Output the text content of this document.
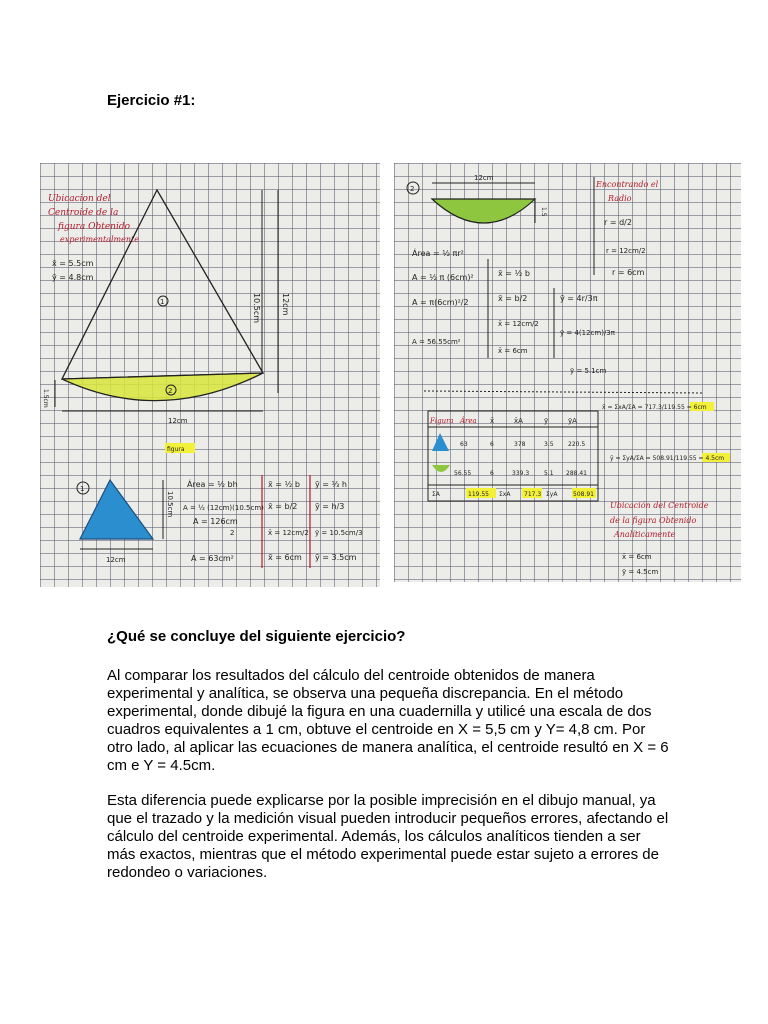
Ejercicio #1:
Ubicacion del
Centroide de la
figura Obtenido
experimentalmente
x̄ = 5.5cm
ȳ = 4.8cm
1
2
10.5cm	12cm
1.5cm
12cm
figura
1
12cm
10.5cm
Área = ½ bh
A = ½ (12cm)(10.5cm)
A = 126cm
2
A = 63cm²
x̄ = ½ b
x̄ = b/2
x̄ = 12cm/2
x̄ = 6cm
ȳ = ⅓ h
ȳ = h/3
ȳ = 10.5cm/3
ȳ = 3.5cm
2
12cm
1.5
Encontrando el
Radio
r = d/2
r = 12cm/2
r = 6cm
Área = ½ πr²
A = ½ π (6cm)²
A = π(6cm)²/2
A = 56.55cm²
x̄ = ½ b
x̄ = b/2
x̄ = 12cm/2
x̄ = 6cm
ȳ = 4r/3π
ȳ = 4(12cm)/3π
ȳ = 5.1cm
Figura Área x̄	x̄A	ȳ	ȳA
63	6	378	3.5 220.5
56.55	6	339.3 5.1 288.41
ΣA	119.55 ΣxA 717.3 ΣyA	508.91
x̄ = ΣxA/ΣA = 717.3/119.55 = 6cm
ȳ = ΣyA/ΣA = 508.91/119.55 = 4.5cm
Ubicación del Centroide
de la figura Obtenido
Analíticamente
x̄ = 6cm
ȳ = 4.5cm
¿Qué se concluye del siguiente ejercicio?

Al comparar los resultados del cálculo del centroide obtenidos de manera experimental y analítica, se observa una pequeña discrepancia. En el método experimental, donde dibujé la figura en una cuadernilla y utilicé una escala de dos cuadros equivalentes a 1 cm, obtuve el centroide en X = 5,5 cm y Y= 4,8 cm. Por otro lado, al aplicar las ecuaciones de manera analítica, el centroide resultó en X = 6 cm e Y = 4.5cm.

Esta diferencia puede explicarse por la posible imprecisión en el dibujo manual, ya que el trazado y la medición visual pueden introducir pequeños errores, afectando el cálculo del centroide experimental. Además, los cálculos analíticos tienden a ser más exactos, mientras que el método experimental puede estar sujeto a errores de redondeo o variaciones.
